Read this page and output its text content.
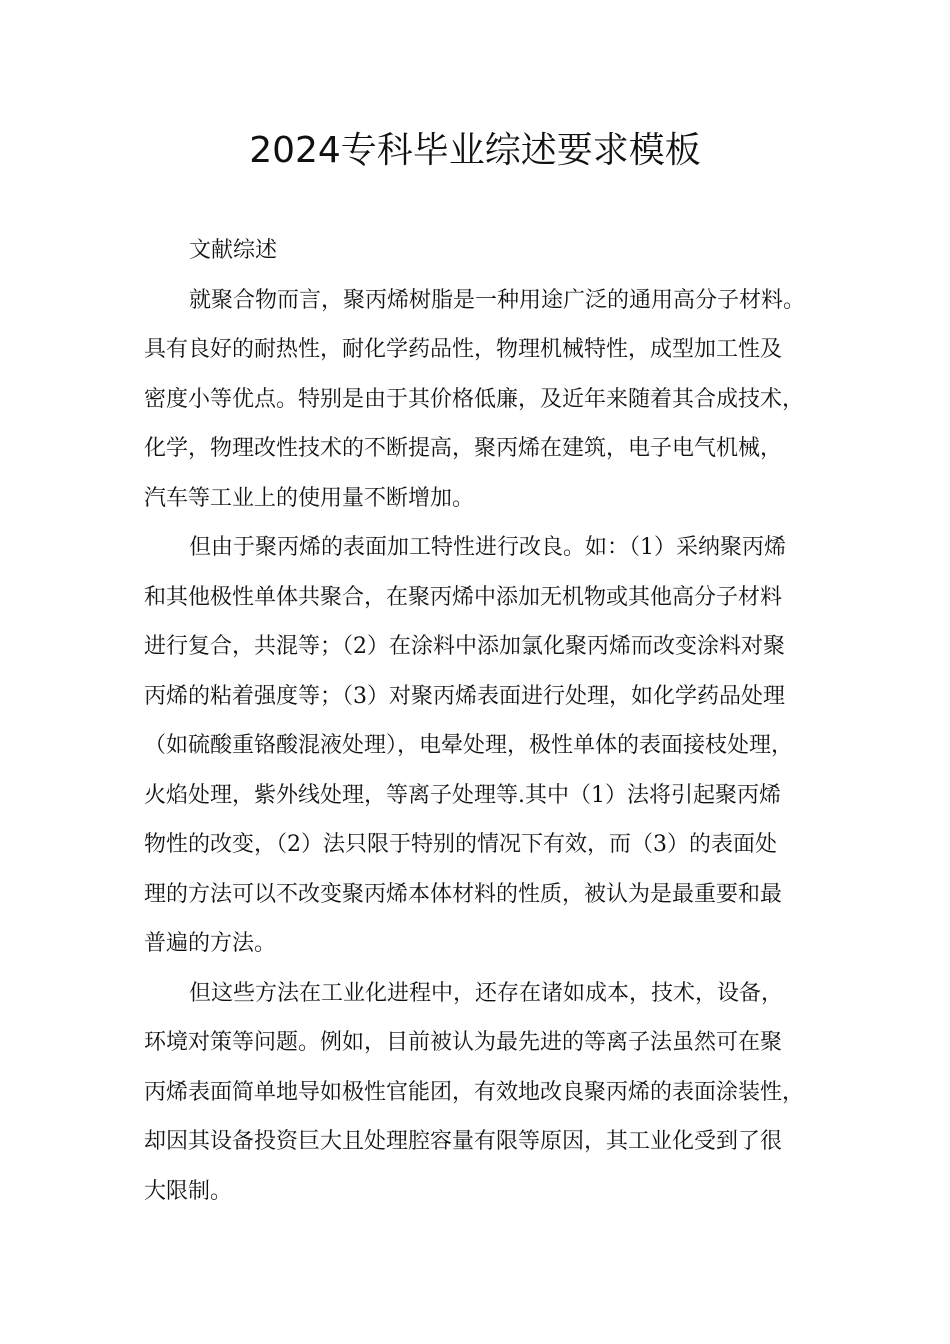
2024专科毕业综述要求模板
文献综述
就聚合物而言，聚丙烯树脂是一种用途广泛的通用高分子材料。
具有良好的耐热性，耐化学药品性，物理机械特性，成型加工性及
密度小等优点。特别是由于其价格低廉，及近年来随着其合成技术，
化学，物理改性技术的不断提高，聚丙烯在建筑，电子电气机械，
汽车等工业上的使用量不断增加。
但由于聚丙烯的表面加工特性进行改良。如：（1）采纳聚丙烯
和其他极性单体共聚合，在聚丙烯中添加无机物或其他高分子材料
进行复合，共混等；（2）在涂料中添加氯化聚丙烯而改变涂料对聚
丙烯的粘着强度等；（3）对聚丙烯表面进行处理，如化学药品处理
（如硫酸重铬酸混液处理），电晕处理，极性单体的表面接枝处理，
火焰处理，紫外线处理，等离子处理等.其中（1）法将引起聚丙烯
物性的改变，（2）法只限于特别的情况下有效，而（3）的表面处
理的方法可以不改变聚丙烯本体材料的性质，被认为是最重要和最
普遍的方法。
但这些方法在工业化进程中，还存在诸如成本，技术，设备，
环境对策等问题。例如，目前被认为最先进的等离子法虽然可在聚
丙烯表面简单地导如极性官能团，有效地改良聚丙烯的表面涂装性，
却因其设备投资巨大且处理腔容量有限等原因，其工业化受到了很
大限制。
